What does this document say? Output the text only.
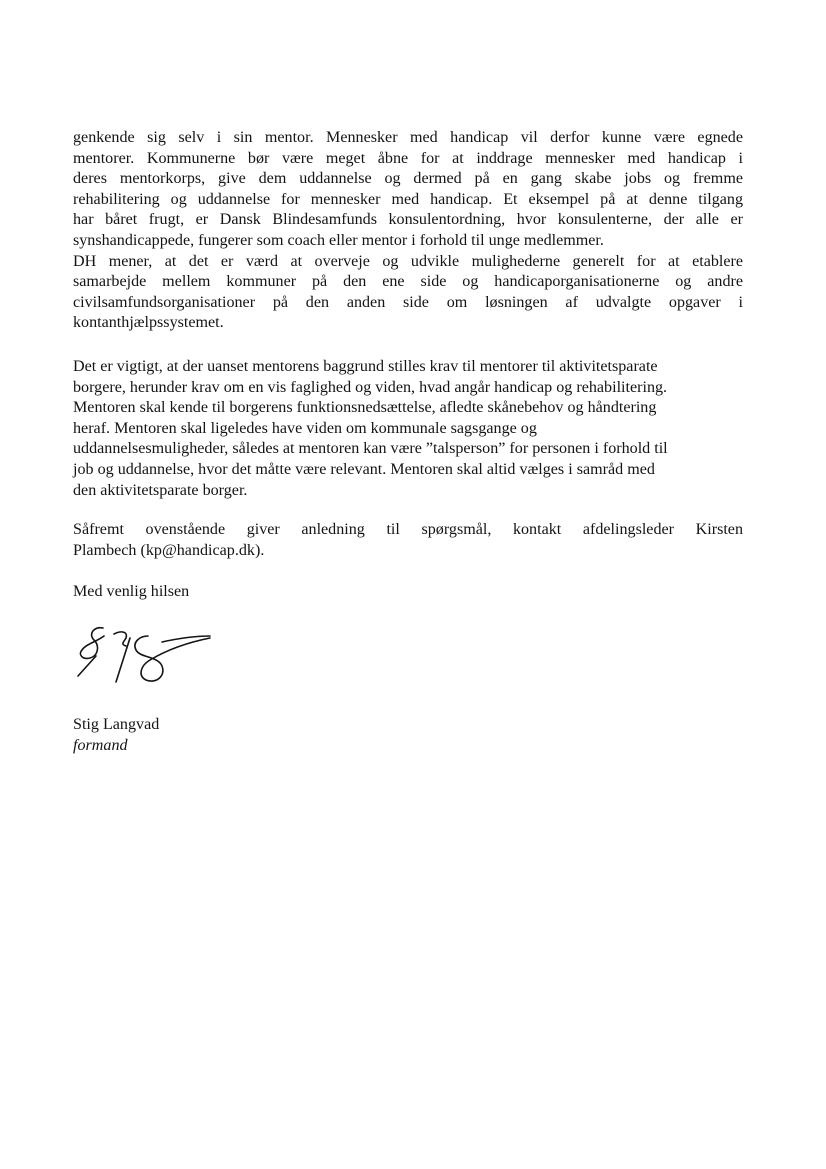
genkende sig selv i sin mentor. Mennesker med handicap vil derfor kunne være egnede
mentorer. Kommunerne bør være meget åbne for at inddrage mennesker med handicap i
deres mentorkorps, give dem uddannelse og dermed på en gang skabe jobs og fremme
rehabilitering og uddannelse for mennesker med handicap. Et eksempel på at denne tilgang
har båret frugt, er Dansk Blindesamfunds konsulentordning, hvor konsulenterne, der alle er
synshandicappede, fungerer som coach eller mentor i forhold til unge medlemmer.
DH mener, at det er værd at overveje og udvikle mulighederne generelt for at etablere
samarbejde mellem kommuner på den ene side og handicaporganisationerne og andre
civilsamfundsorganisationer på den anden side om løsningen af udvalgte opgaver i
kontanthjælpssystemet.

Det er vigtigt, at der uanset mentorens baggrund stilles krav til mentorer til aktivitetsparate
borgere, herunder krav om en vis faglighed og viden, hvad angår handicap og rehabilitering.
Mentoren skal kende til borgerens funktionsnedsættelse, afledte skånebehov og håndtering
heraf. Mentoren skal ligeledes have viden om kommunale sagsgange og
uddannelsesmuligheder, således at mentoren kan være ”talsperson” for personen i forhold til
job og uddannelse, hvor det måtte være relevant. Mentoren skal altid vælges i samråd med
den aktivitetsparate borger.

Såfremt ovenstående giver anledning til spørgsmål, kontakt afdelingsleder Kirsten
Plambech (kp@handicap.dk).

Med venlig hilsen

Stig Langvad
formand
